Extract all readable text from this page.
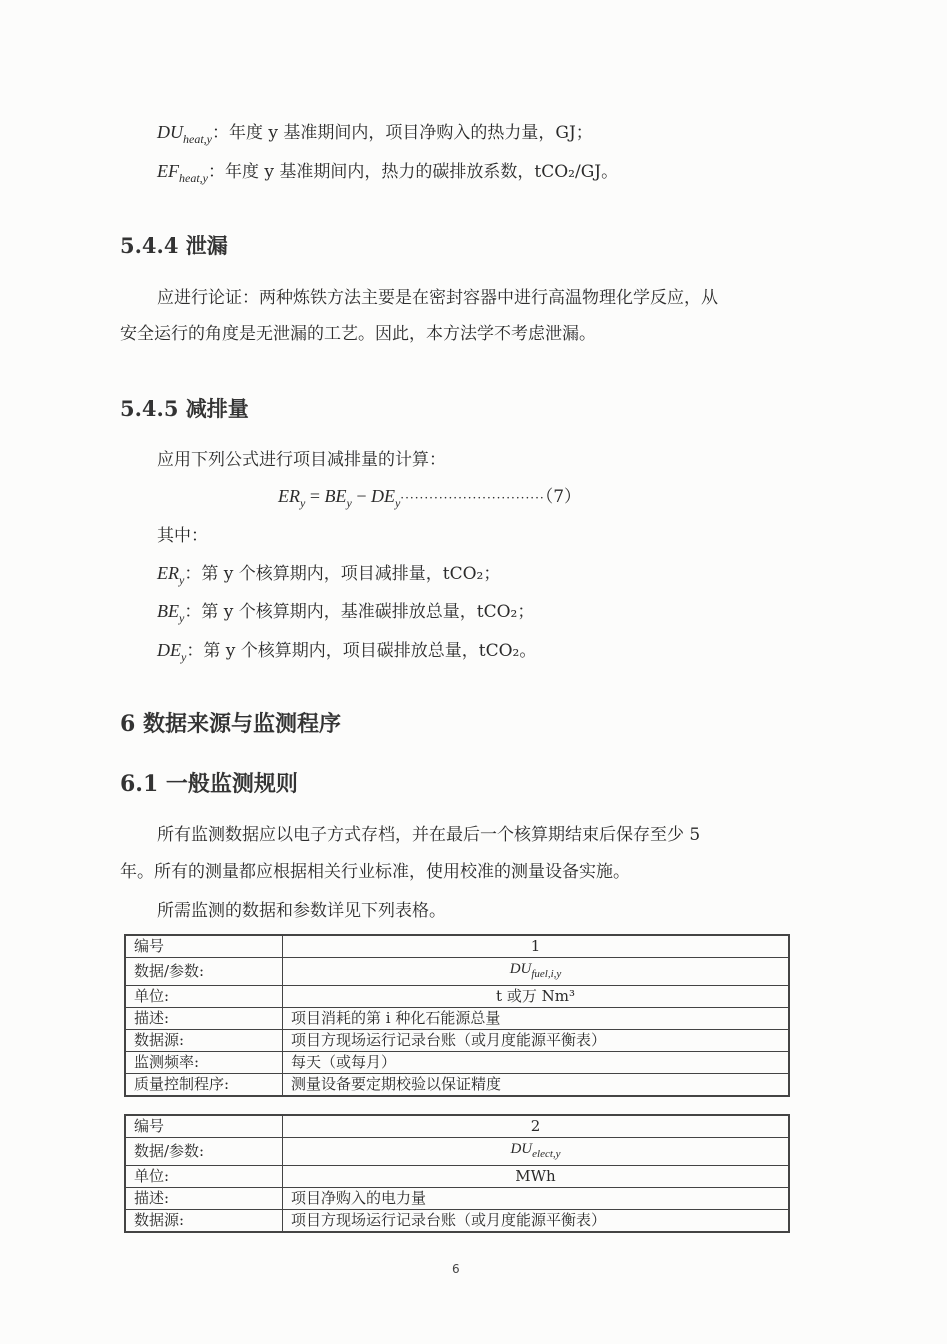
$DU_{heat,y}$：年度 y 基准期间内，项目净购入的热力量，GJ；
$EF_{heat,y}$：年度 y 基准期间内，热力的碳排放系数，tCO₂/GJ。
5.4.4 泄漏
应进行论证：两种炼铁方法主要是在密封容器中进行高温物理化学反应，从
安全运行的角度是无泄漏的工艺。因此，本方法学不考虑泄漏。
5.4.5 减排量
应用下列公式进行项目减排量的计算：
$ER_y = BE_y - DE_y\cdot\cdot\cdot\cdot\cdot\cdot\cdot\cdot\cdot\cdot\cdot\cdot\cdot\cdot\cdot\cdot\cdot\cdot\cdot\cdot\cdot\cdot\cdot\cdot\cdot\cdot\cdot\cdot\cdot\cdot(7)$
其中：
$ER_y$：第 y 个核算期内，项目减排量，tCO₂；
$BE_y$：第 y 个核算期内，基准碳排放总量，tCO₂；
$DE_y$：第 y 个核算期内，项目碳排放总量，tCO₂。
6 数据来源与监测程序
6.1 一般监测规则
所有监测数据应以电子方式存档，并在最后一个核算期结束后保存至少 5
年。所有的测量都应根据相关行业标准，使用校准的测量设备实施。
所需监测的数据和参数详见下列表格。
编号	1
数据/参数:	$DU_{fuel,i,y}$
单位:	t 或万 Nm³
描述:	项目消耗的第 i 种化石能源总量
数据源:	项目方现场运行记录台账（或月度能源平衡表）
监测频率:	每天（或每月）
质量控制程序:	测量设备要定期校验以保证精度
编号	2
数据/参数:	$DU_{elect,y}$
单位:	MWh
描述:	项目净购入的电力量
数据源:	项目方现场运行记录台账（或月度能源平衡表）
6
